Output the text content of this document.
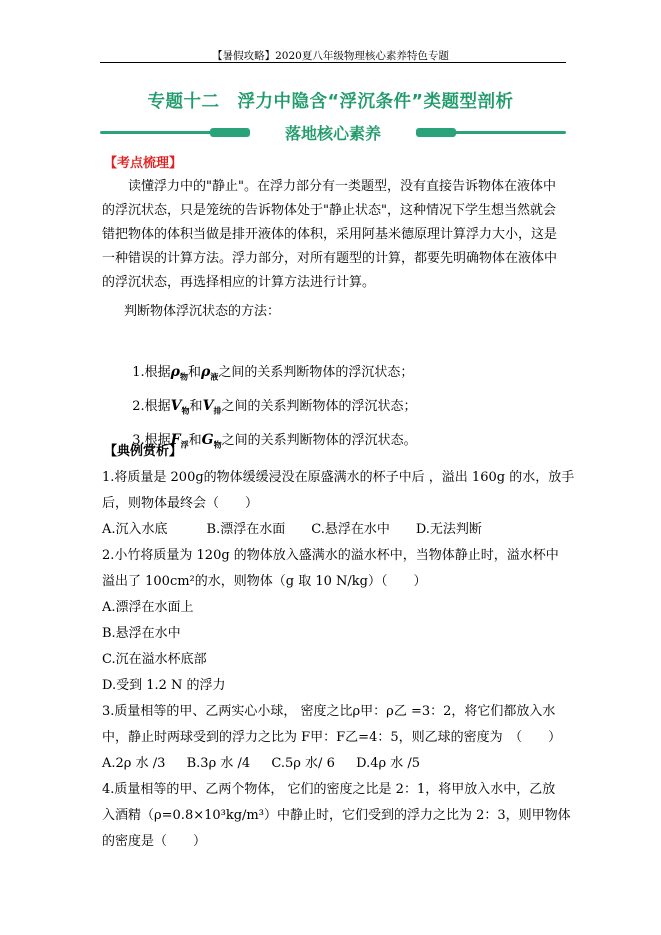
【暑假攻略】2020夏八年级物理核心素养特色专题
专题十二　浮力中隐含“浮沉条件”类题型剖析
落地核心素养
【考点梳理】
　　读懂浮力中的"静止"。在浮力部分有一类题型，没有直接告诉物体在液体中
的浮沉状态，只是笼统的告诉物体处于"静止状态"，这种情况下学生想当然就会
错把物体的体积当做是排开液体的体积，采用阿基米德原理计算浮力大小，这是
一种错误的计算方法。浮力部分，对所有题型的计算，都要先明确物体在液体中
的浮沉状态，再选择相应的计算方法进行计算。
判断物体浮沉状态的方法：

1.根据$\rho_物$和$\rho_液$之间的关系判断物体的浮沉状态；

2.根据$V_物$和$V_排$之间的关系判断物体的浮沉状态；

3.根据$F_浮$和$G_物$之间的关系判断物体的浮沉状态。

【典例赏析】
1.将质量是 200g的物体缓缓浸没在原盛满水的杯子中后 ，溢出 160g 的水，放手
后，则物体最终会（　　）
A.沉入水底　　　B.漂浮在水面　　C.悬浮在水中　　D.无法判断
2.小竹将质量为 120g 的物体放入盛满水的溢水杯中，当物体静止时，溢水杯中
溢出了 100cm²的水，则物体（g 取 10 N/kg）（　　）
A.漂浮在水面上
B.悬浮在水中
C.沉在溢水杯底部
D.受到 1.2 N 的浮力
3.质量相等的甲、乙两实心小球， 密度之比ρ甲：ρ乙 =3：2，将它们都放入水
中，静止时两球受到的浮力之比为 F甲：F乙=4：5，则乙球的密度为　（　　）
A.2ρ 水 /3　  B.3ρ 水 /4　  C.5ρ 水/ 6　  D.4ρ 水 /5
4.质量相等的甲、乙两个物体， 它们的密度之比是 2：1，将甲放入水中，乙放
入酒精（ρ=0.8×10³kg/m³）中静止时，它们受到的浮力之比为 2：3，则甲物体
的密度是（　　）
